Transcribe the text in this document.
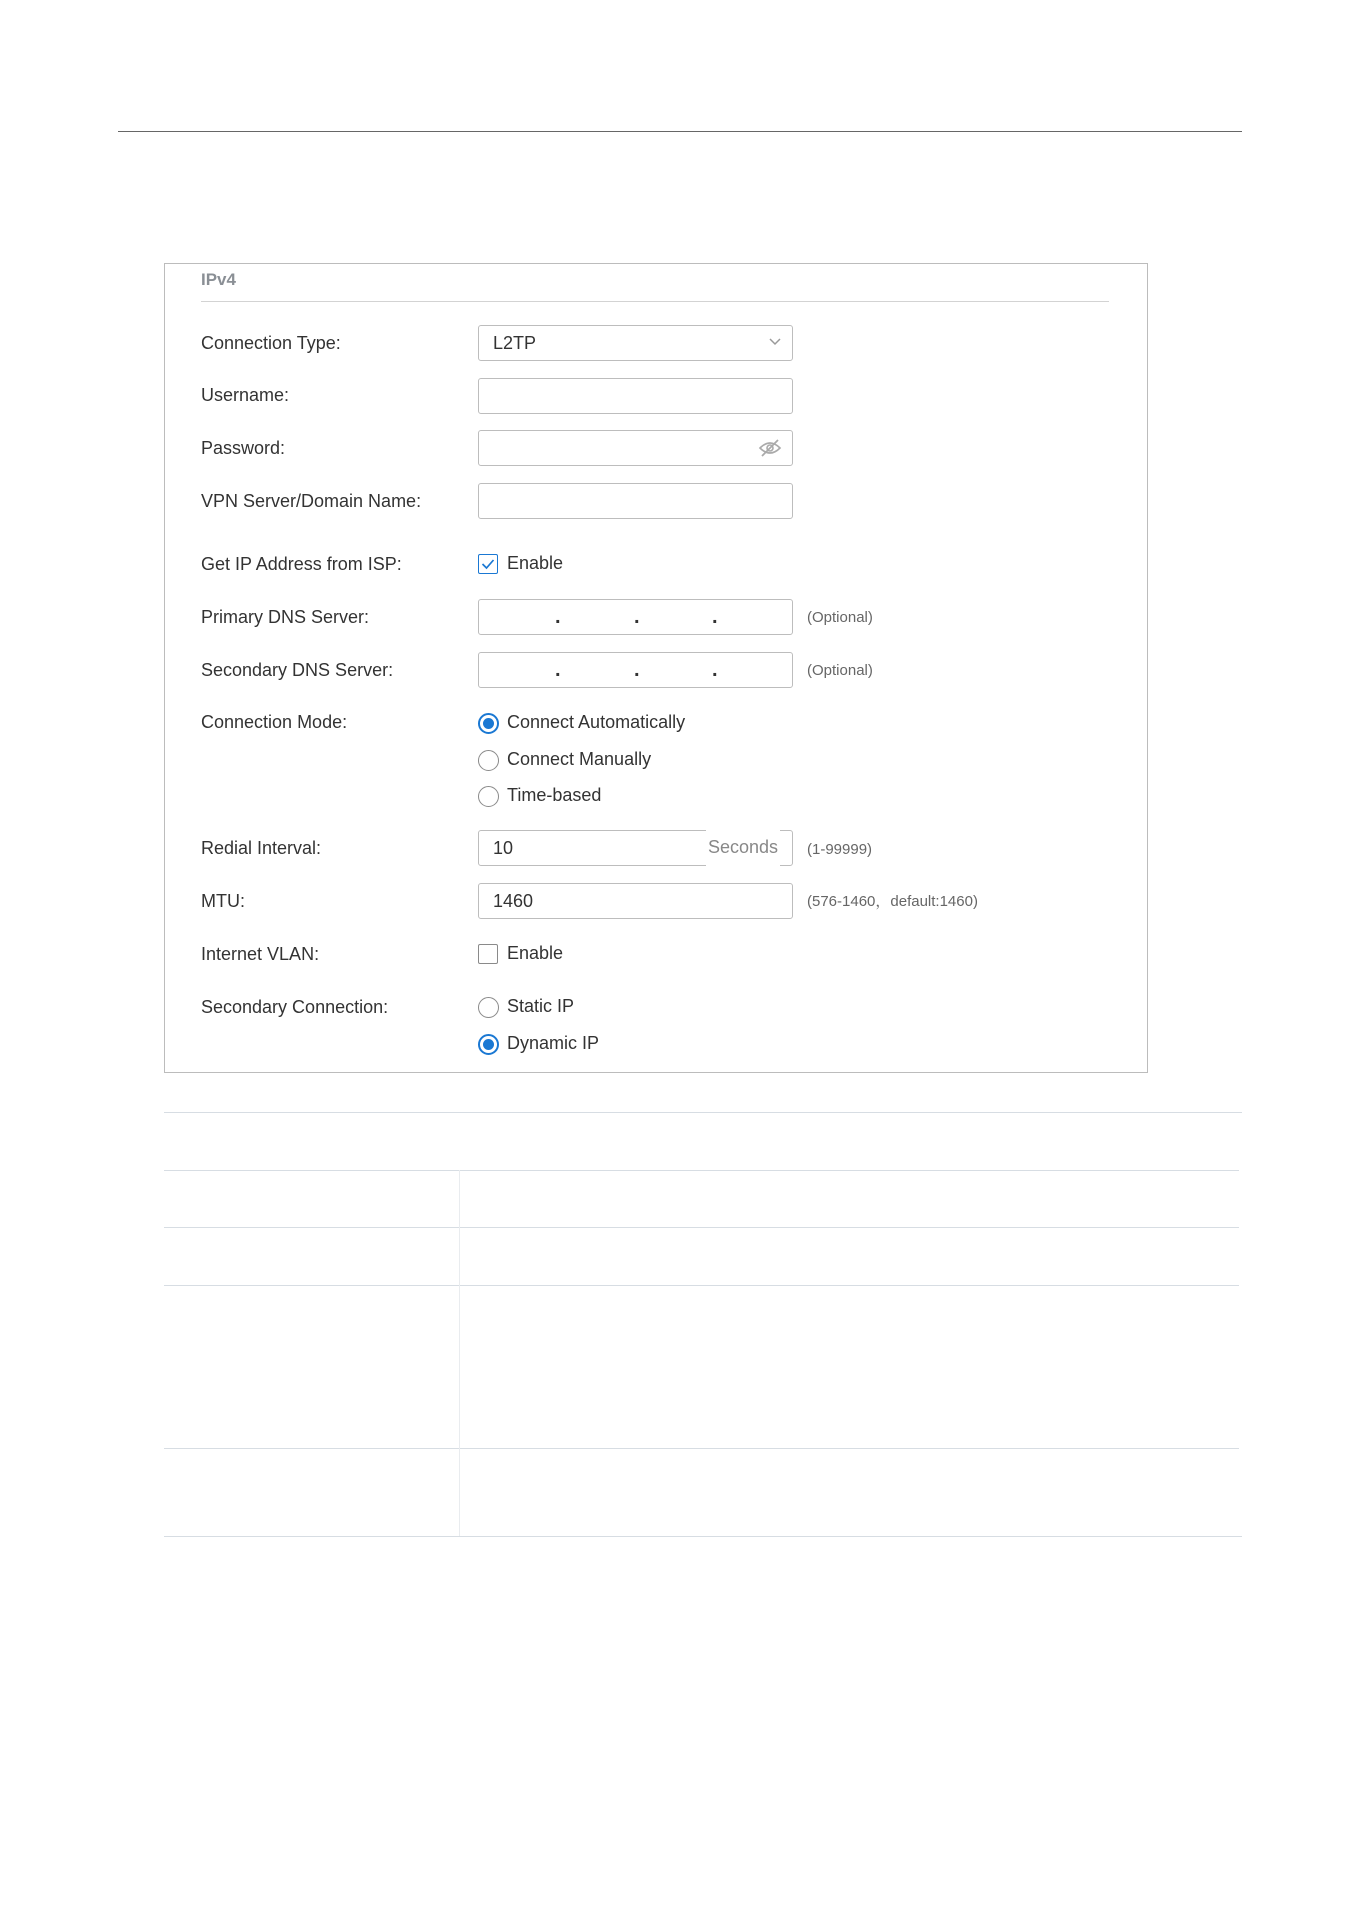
IPv4
Connection Type:	L2TP
Username:
Password:
VPN Server/Domain Name:
Get IP Address from ISP:	Enable
Primary DNS Server:	.	.	.	(Optional)
Secondary DNS Server:	.	.	.	(Optional)
Connection Mode:	Connect Automatically
Connect Manually
Time-based
Redial Interval:	10	Seconds (1-99999)
MTU:	1460	(576-1460，default:1460)
Internet VLAN:	Enable
Secondary Connection:	Static IP
Dynamic IP
